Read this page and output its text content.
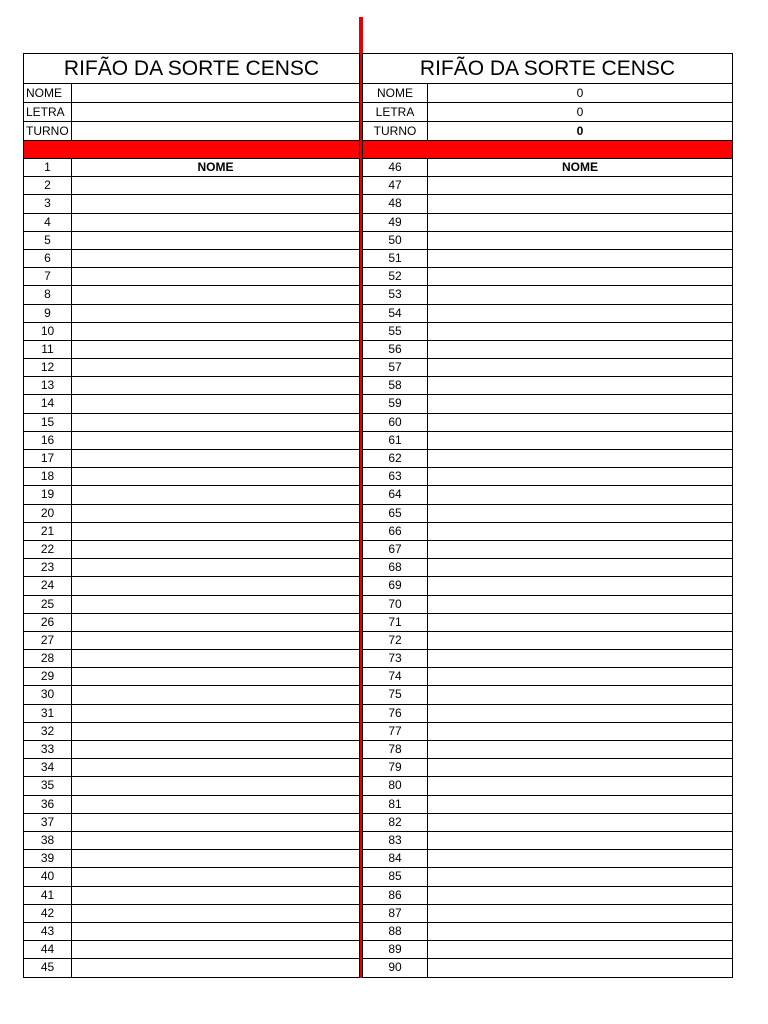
RIFÃO DA SORTE CENSC
NOME
LETRA
TURNO
1	NOME
2
3
4
5
6
7
8
9
10
11
12
13
14
15
16
17
18
19
20
21
22
23
24
25
26
27
28
29
30
31
32
33
34
35
36
37
38
39
40
41
42
43
44
45
RIFÃO DA SORTE CENSC
NOME	0
LETRA	0
TURNO	0
46	NOME
47
48
49
50
51
52
53
54
55
56
57
58
59
60
61
62
63
64
65
66
67
68
69
70
71
72
73
74
75
76
77
78
79
80
81
82
83
84
85
86
87
88
89
90
